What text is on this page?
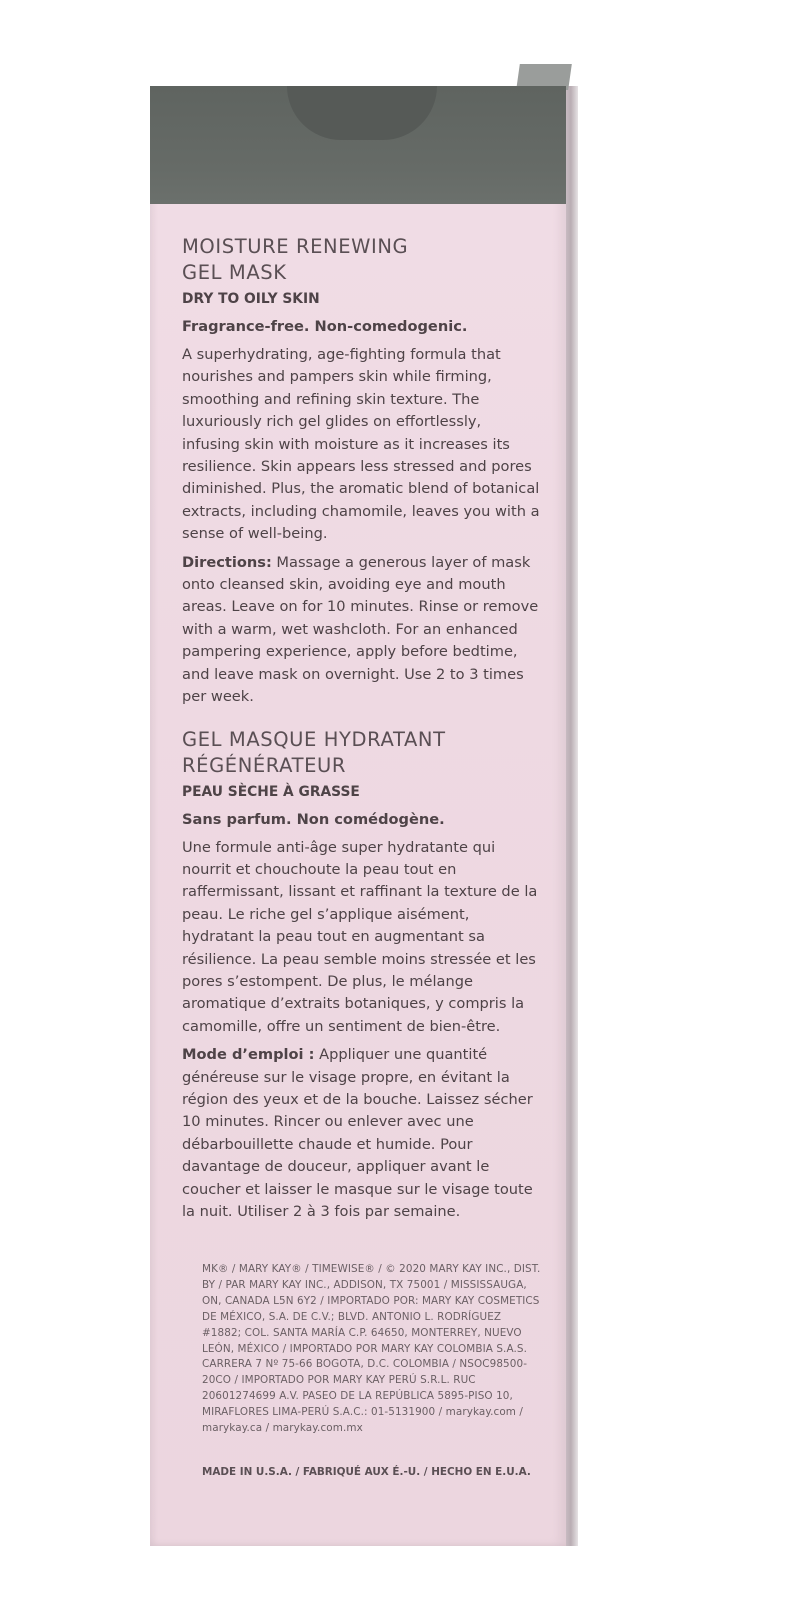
MOISTURE RENEWING
GEL MASK

DRY TO OILY SKIN

Fragrance-free. Non-comedogenic.

A superhydrating, age-fighting formula that nourishes and pampers skin while firming, smoothing and refining skin texture. The luxuriously rich gel glides on effortlessly, infusing skin with moisture as it increases its resilience. Skin appears less stressed and pores diminished. Plus, the aromatic blend of botanical extracts, including chamomile, leaves you with a sense of well-being.

Directions: Massage a generous layer of mask onto cleansed skin, avoiding eye and mouth areas. Leave on for 10 minutes. Rinse or remove with a warm, wet washcloth. For an enhanced pampering experience, apply before bedtime, and leave mask on overnight. Use 2 to 3 times per week.

GEL MASQUE HYDRATANT
RÉGÉNÉRATEUR

PEAU SÈCHE À GRASSE

Sans parfum. Non comédogène.

Une formule anti-âge super hydratante qui nourrit et chouchoute la peau tout en raffermissant, lissant et raffinant la texture de la peau. Le riche gel s’applique aisément, hydratant la peau tout en augmentant sa résilience. La peau semble moins stressée et les pores s’estompent. De plus, le mélange aromatique d’extraits botaniques, y compris la camomille, offre un sentiment de bien-être.

Mode d’emploi : Appliquer une quantité généreuse sur le visage propre, en évitant la région des yeux et de la bouche. Laissez sécher 10 minutes. Rincer ou enlever avec une débarbouillette chaude et humide. Pour davantage de douceur, appliquer avant le coucher et laisser le masque sur le visage toute la nuit. Utiliser 2 à 3 fois par semaine.

MK® / MARY KAY® / TIMEWISE® / © 2020 MARY KAY INC., DIST. BY / PAR MARY KAY INC., ADDISON, TX 75001 / MISSISSAUGA, ON, CANADA L5N 6Y2 / IMPORTADO POR: MARY KAY COSMETICS DE MÉXICO, S.A. DE C.V.; BLVD. ANTONIO L. RODRÍGUEZ #1882; COL. SANTA MARÍA C.P. 64650, MONTERREY, NUEVO LEÓN, MÉXICO / IMPORTADO POR MARY KAY COLOMBIA S.A.S. CARRERA 7 Nº 75-66 BOGOTA, D.C. COLOMBIA / NSOC98500-20CO / IMPORTADO POR MARY KAY PERÚ S.R.L. RUC 20601274699 A.V. PASEO DE LA REPÚBLICA 5895-PISO 10, MIRAFLORES LIMA-PERÚ S.A.C.: 01-5131900 / marykay.com / marykay.ca / marykay.com.mx

MADE IN U.S.A. / FABRIQUÉ AUX É.-U. / HECHO EN E.U.A.
